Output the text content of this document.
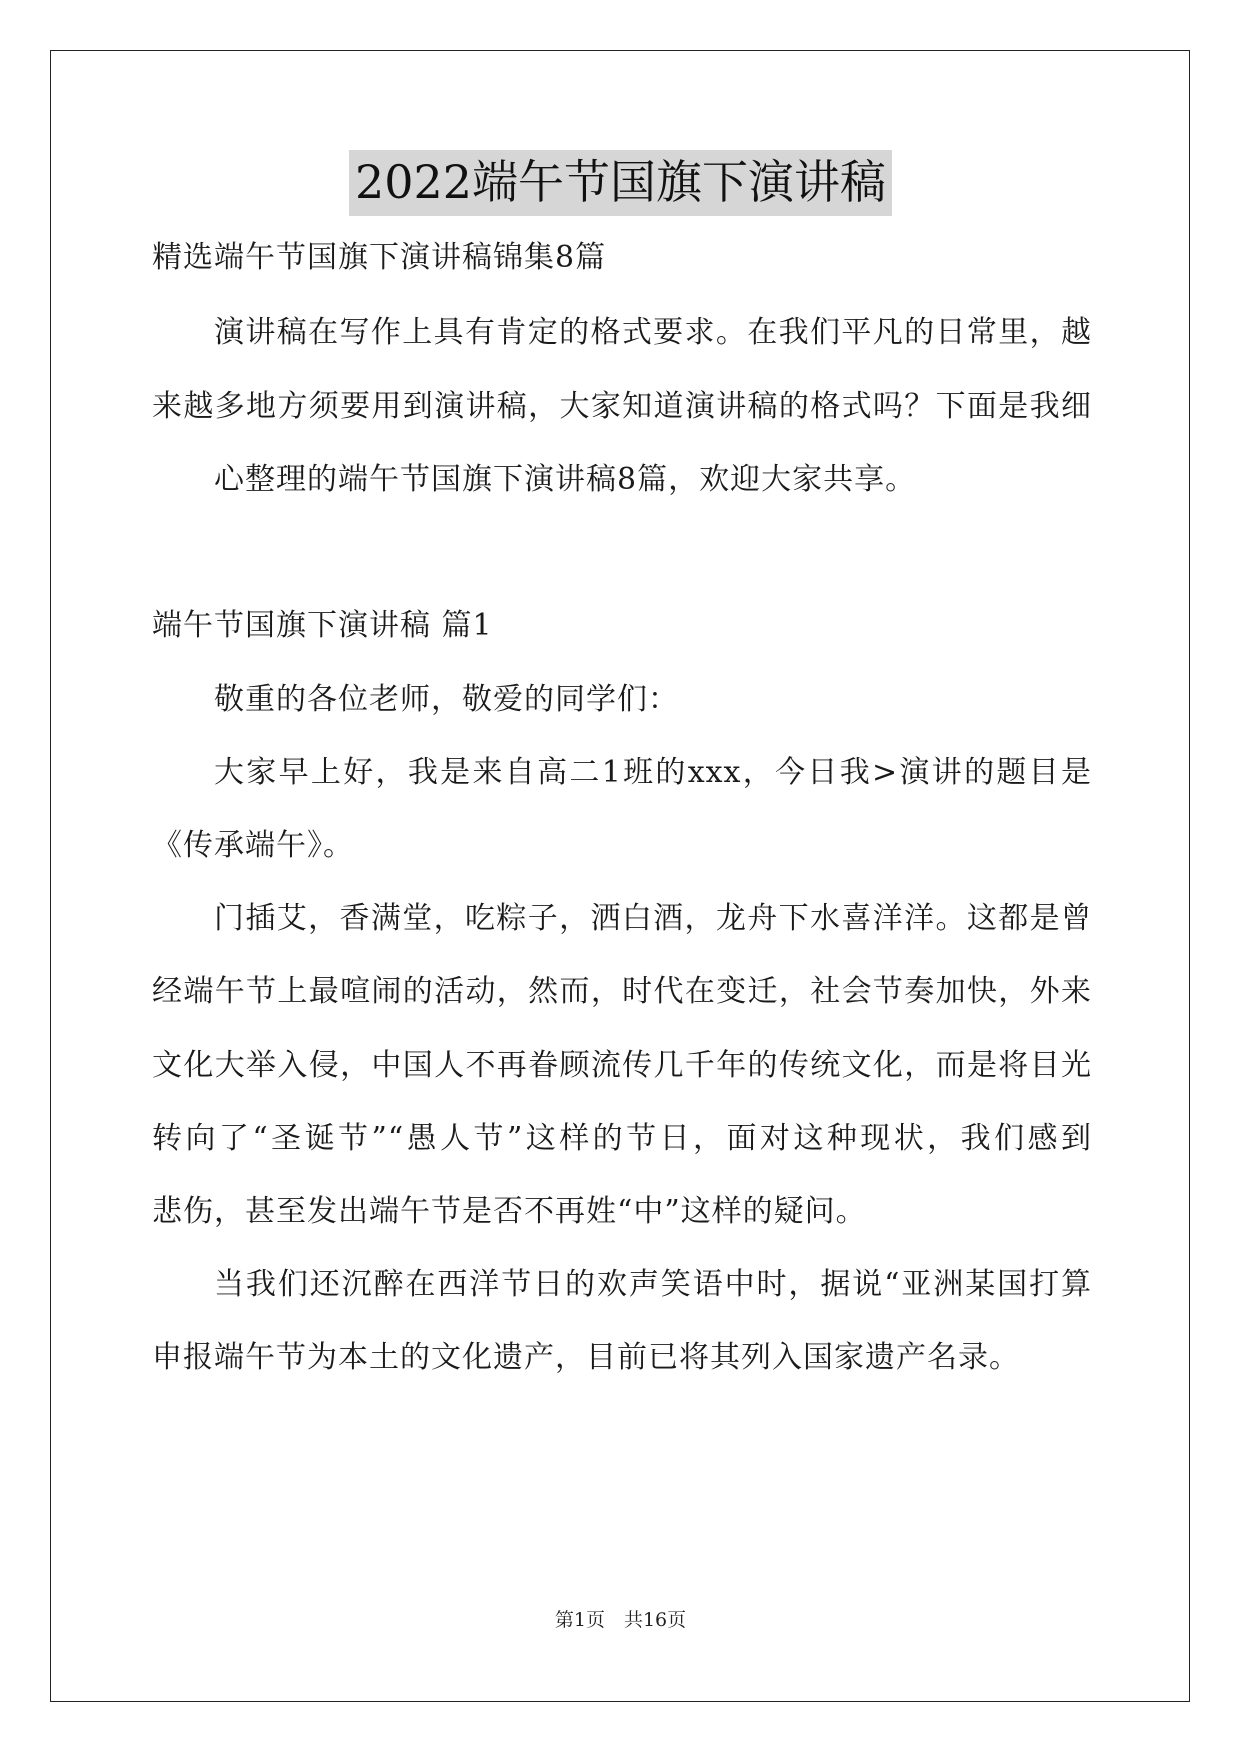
2022端午节国旗下演讲稿
精选端午节国旗下演讲稿锦集8篇
演讲稿在写作上具有肯定的格式要求。在我们平凡的日常里，越
来越多地方须要用到演讲稿，大家知道演讲稿的格式吗？下面是我细
心整理的端午节国旗下演讲稿8篇，欢迎大家共享。
端午节国旗下演讲稿 篇1
敬重的各位老师，敬爱的同学们：
大家早上好，我是来自高二1班的xxx，今日我>演讲的题目是
《传承端午》。
门插艾，香满堂，吃粽子，洒白酒，龙舟下水喜洋洋。这都是曾
经端午节上最喧闹的活动，然而，时代在变迁，社会节奏加快，外来
文化大举入侵，中国人不再眷顾流传几千年的传统文化，而是将目光
转向了“圣诞节”“愚人节”这样的节日，面对这种现状，我们感到
悲伤，甚至发出端午节是否不再姓“中”这样的疑问。
当我们还沉醉在西洋节日的欢声笑语中时，据说“亚洲某国打算
申报端午节为本土的文化遗产，目前已将其列入国家遗产名录。
第1页　共16页
